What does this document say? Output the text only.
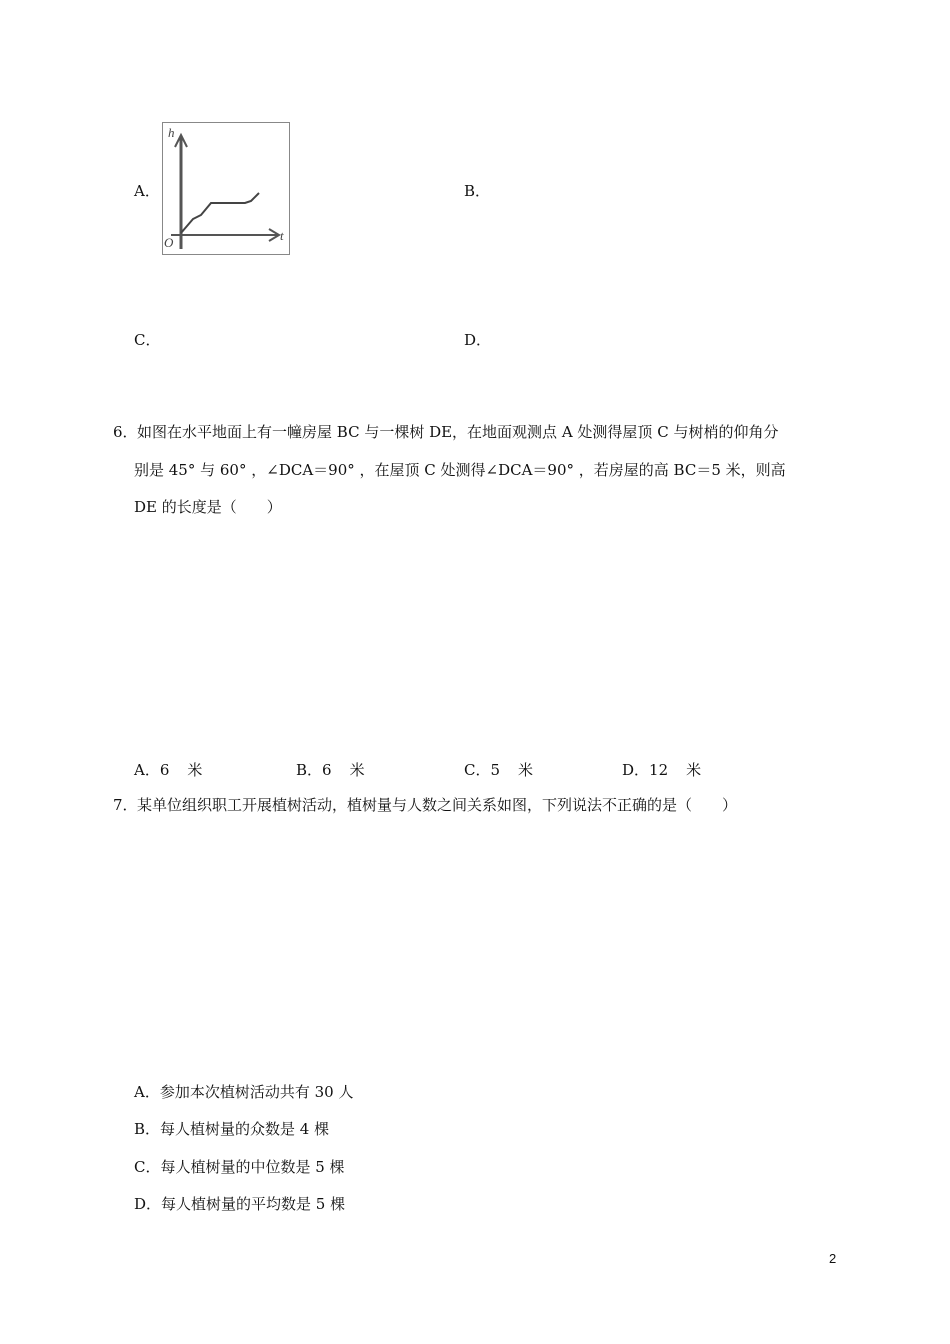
A．
h
t
O
B．
C．	D．
6． 如图在水平地面上有一幢房屋 BC 与一棵树 DE，在地面观测点 A 处测得屋顶 C 与树梢的仰角分
别是 45° 与 60° ，∠DCA＝90° ，在屋顶 C 处测得∠DCA＝90° ，若房屋的高 BC＝5 米，则高
DE 的长度是（　　）
A．6 米	B．6 米	C．5 米	D．12 米
7． 某单位组织职工开展植树活动，植树量与人数之间关系如图，下列说法不正确的是（　　）
A．参加本次植树活动共有 30 人
B．每人植树量的众数是 4 棵
C．每人植树量的中位数是 5 棵
D．每人植树量的平均数是 5 棵
2
